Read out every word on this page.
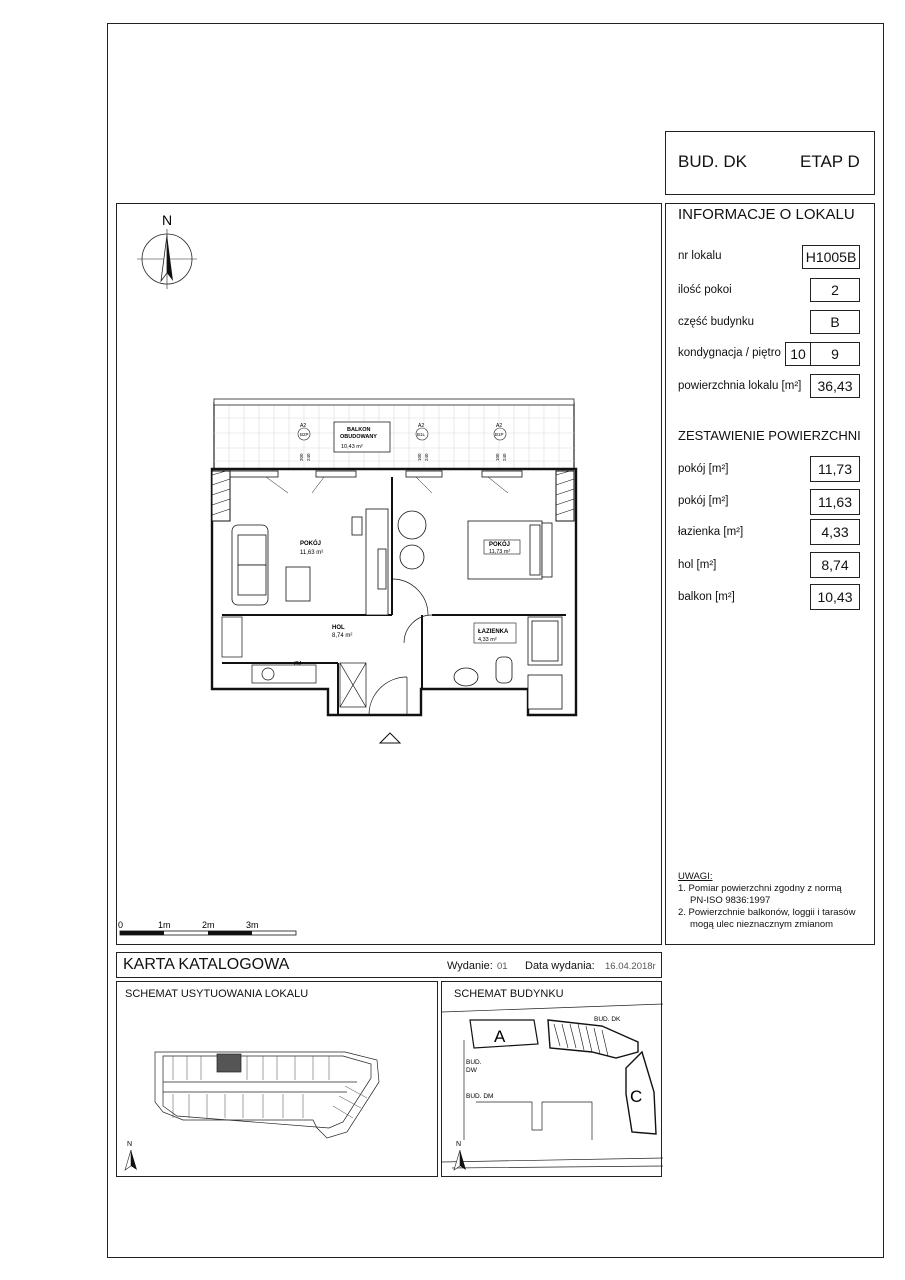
BUD. DK	ETAP D
INFORMACJE O LOKALU
nr lokalu	H1005B
ilość pokoi	2
część budynku	B
kondygnacja / piętro 10	9
powierzchnia lokalu [m²]	36,43
ZESTAWIENIE POWIERZCHNI
pokój [m²]	11,73
pokój [m²]	11,63
łazienka [m²]	4,33
hol [m²]	8,74
balkon [m²]	10,43
UWAGI:
1. Pomiar powierzchni zgodny z normą
PN-ISO 9836:1997
2. Powierzchnie balkonów, loggii i tarasów
mogą ulec nieznacznym zmianom
N
BALKON
OBUDOWANY
10,43 m²
A2
B2P
200 240
A2
B1L
100 240
A2
B1P
100 240
POKÓJ
11,63 m²
POKÓJ
11,73 m²
HOL
8,74 m²
ZM
ŁAZIENKA
4,33 m²
0	1m	2m	3m
KARTA KATALOGOWA	Wydanie: 01 Data wydania: 16.04.2018r
SCHEMAT USYTUOWANIA LOKALU
N
SCHEMAT BUDYNKU
A
BUD. DK
C
BUD.
DW
BUD. DM
N
